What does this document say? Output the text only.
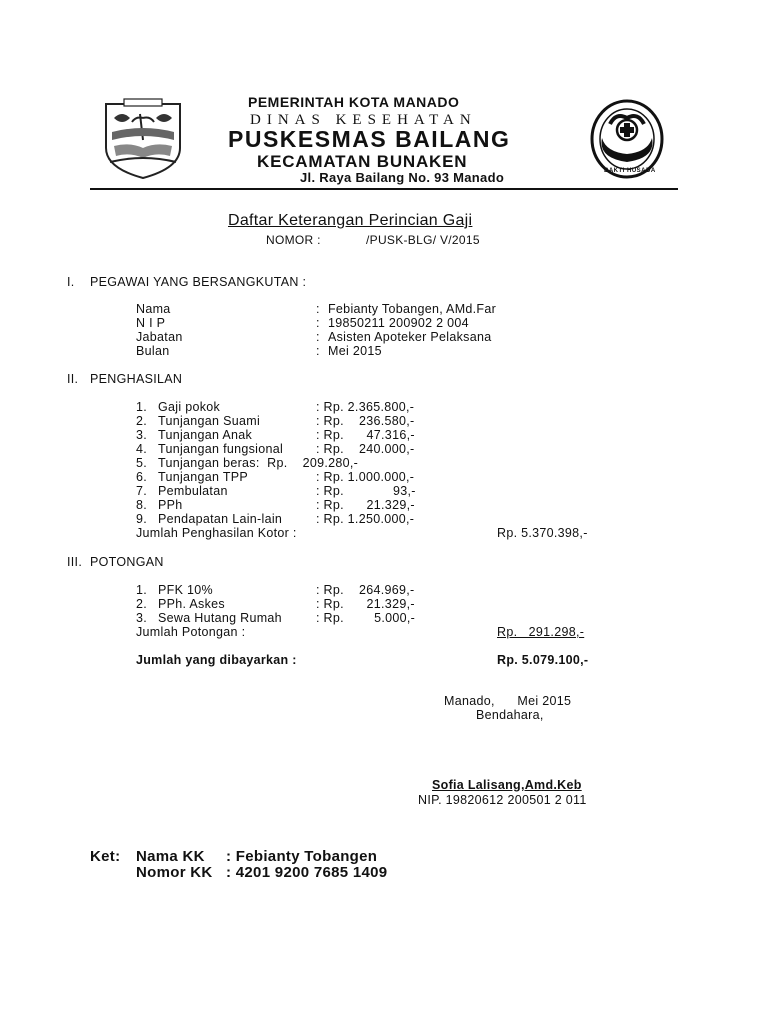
BAKTI HUSADA
PEMERINTAH KOTA MANADO
DINAS KESEHATAN
PUSKESMAS BAILANG
KECAMATAN BUNAKEN
Jl. Raya Bailang No. 93 Manado
Daftar Keterangan Perincian Gaji
NOMOR :	/PUSK-BLG/ V/2015
I. PEGAWAI YANG BERSANGKUTAN :
Nama	: Febianty Tobangen, AMd.Far
N I P	: 19850211 200902 2 004
Jabatan	: Asisten Apoteker Pelaksana
Bulan	: Mei 2015
II. PENGHASILAN
1. Gaji pokok	: Rp. 2.365.800,-
2. Tunjangan Suami	: Rp.    236.580,-
3. Tunjangan Anak	: Rp.      47.316,-
4. Tunjangan fungsional	: Rp.    240.000,-
5. Tunjangan beras:  Rp.    209.280,-
6. Tunjangan TPP	: Rp. 1.000.000,-
7. Pembulatan	: Rp.             93,-
8. PPh	: Rp.      21.329,-
9. Pendapatan Lain-lain	: Rp. 1.250.000,-
Jumlah Penghasilan Kotor :	Rp. 5.370.398,-
III. POTONGAN
1. PFK 10%	: Rp.    264.969,-
2. PPh. Askes	: Rp.      21.329,-
3. Sewa Hutang Rumah	: Rp.        5.000,-
Jumlah Potongan :	Rp.   291.298,-
Jumlah yang dibayarkan :	Rp. 5.079.100,-
Manado,      Mei 2015
Bendahara,
Sofia Lalisang,Amd.Keb
NIP. 19820612 200501 2 011
Ket: Nama KK : Febianty Tobangen
Nomor KK : 4201 9200 7685 1409
